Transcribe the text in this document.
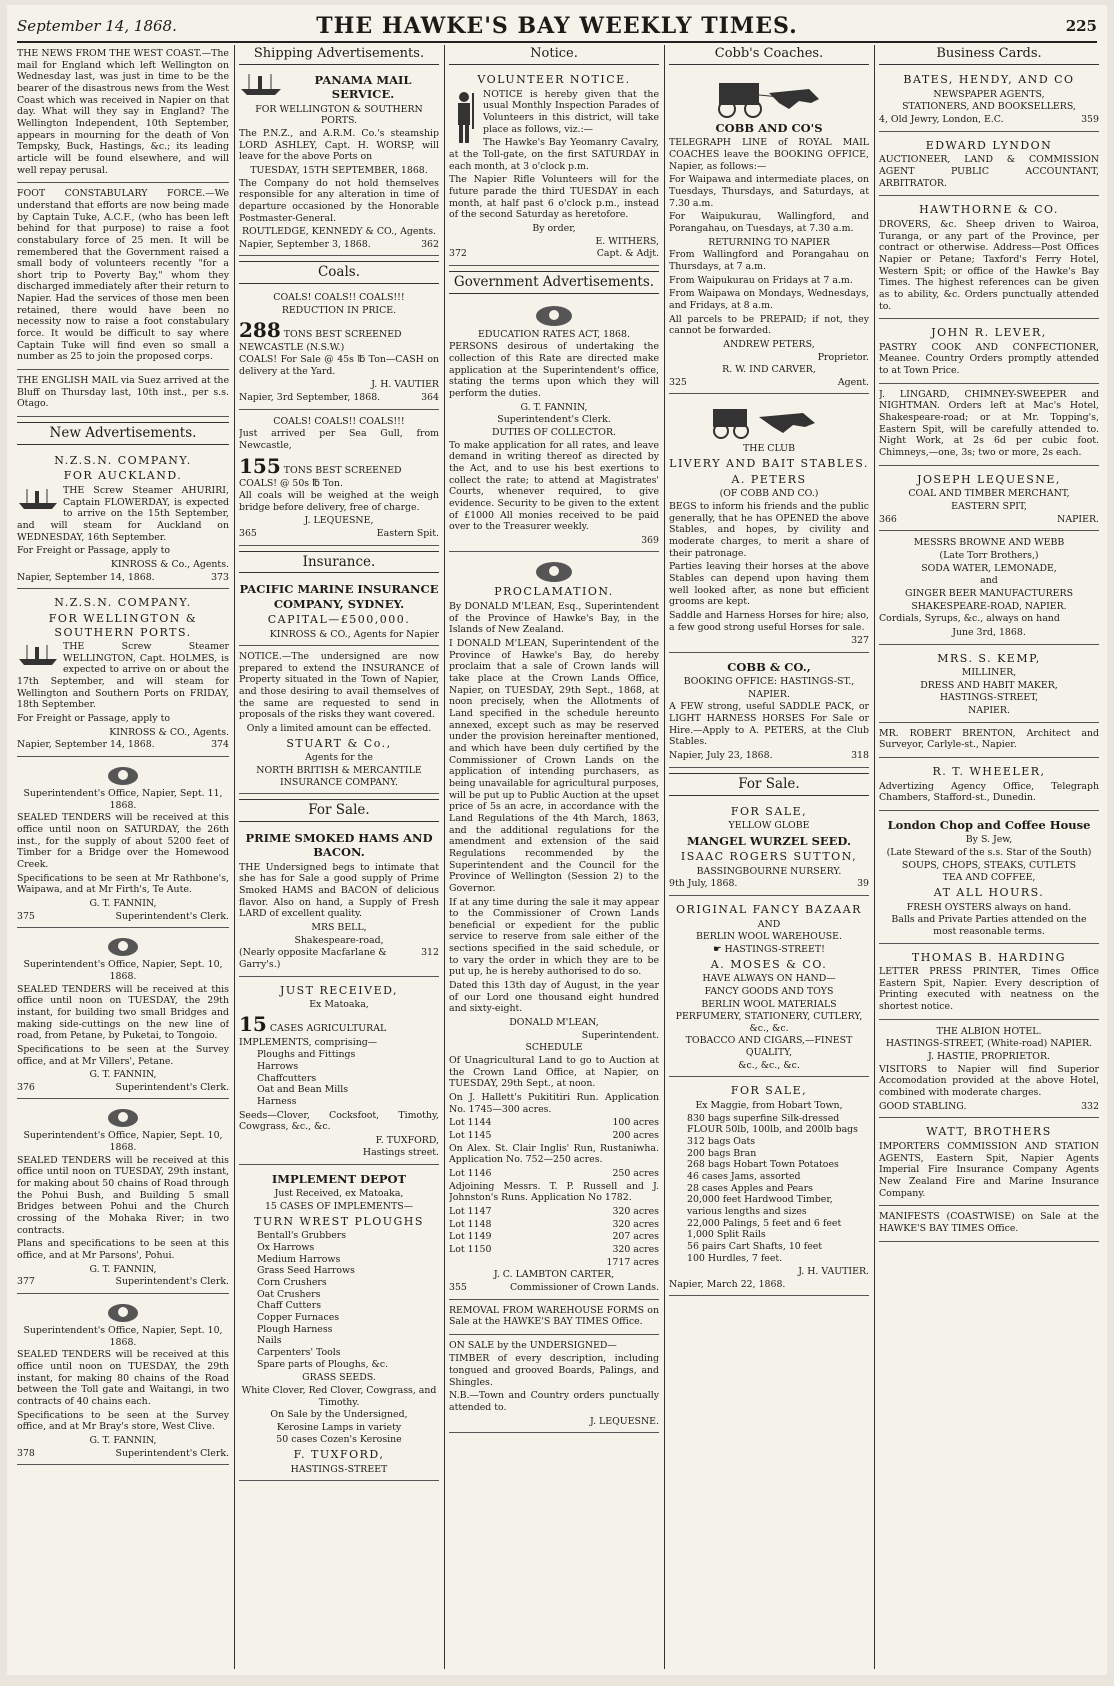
September 14, 1868.	THE HAWKE'S BAY WEEKLY TIMES.	225

THE NEWS FROM THE WEST COAST.—The mail for England which left Wellington on Wednesday last, was just in time to be the bearer of the disastrous news from the West Coast which was received in Napier on that day. What will they say in England? The Wellington Independent, 10th September, appears in mourning for the death of Von Tempsky, Buck, Hastings, &c.; its leading article will be found elsewhere, and will well repay perusal.

FOOT CONSTABULARY FORCE.—We understand that efforts are now being made by Captain Tuke, A.C.F., (who has been left behind for that purpose) to raise a foot constabulary force of 25 men. It will be remembered that the Government raised a small body of volunteers recently "for a short trip to Poverty Bay," whom they discharged immediately after their return to Napier. Had the services of those men been retained, there would have been no necessity now to raise a foot constabulary force. It would be difficult to say where Captain Tuke will find even so small a number as 25 to join the proposed corps.

THE ENGLISH MAIL via Suez arrived at the Bluff on Thursday last, 10th inst., per s.s. Otago.

New Advertisements.
N.Z.S.N. COMPANY.
FOR AUCKLAND.

THE Screw Steamer AHURIRI, Captain FLOWERDAY, is expected to arrive on the 15th September, and will steam for Auckland on WEDNESDAY, 16th September.

For Freight or Passage, apply to

KINROSS & Co., Agents.
Napier, September 14, 1868.	373
N.Z.S.N. COMPANY.
FOR WELLINGTON & SOUTHERN PORTS.

THE Screw Steamer WELLINGTON, Capt. HOLMES, is expected to arrive on or about the 17th September, and will steam for Wellington and Southern Ports on FRIDAY, 18th September.

For Freight or Passage, apply to

KINROSS & CO., Agents.
Napier, September 14, 1868.	374
Superintendent's Office, Napier, Sept. 11, 1868.

SEALED TENDERS will be received at this office until noon on SATURDAY, the 26th inst., for the supply of about 5200 feet of Timber for a Bridge over the Homewood Creek.

Specifications to be seen at Mr Rathbone's, Waipawa, and at Mr Firth's, Te Aute.

G. T. FANNIN,
375	Superintendent's Clerk.
Superintendent's Office, Napier, Sept. 10, 1868.

SEALED TENDERS will be received at this office until noon on TUESDAY, the 29th instant, for building two small Bridges and making side-cuttings on the new line of road, from Petane, by Puketai, to Tongoio.

Specifications to be seen at the Survey office, and at Mr Villers', Petane.

G. T. FANNIN,
376	Superintendent's Clerk.
Superintendent's Office, Napier, Sept. 10, 1868.

SEALED TENDERS will be received at this office until noon on TUESDAY, 29th instant, for making about 50 chains of Road through the Pohui Bush, and Building 5 small Bridges between Pohui and the Church crossing of the Mohaka River; in two contracts.

Plans and specifications to be seen at this office, and at Mr Parsons', Pohui.

G. T. FANNIN,
377	Superintendent's Clerk.
Superintendent's Office, Napier, Sept. 10, 1868.

SEALED TENDERS will be received at this office until noon on TUESDAY, the 29th instant, for making 80 chains of the Road between the Toll gate and Waitangi, in two contracts of 40 chains each.

Specifications to be seen at the Survey office, and at Mr Bray's store, West Clive.

G. T. FANNIN,
378	Superintendent's Clerk.
Shipping Advertisements.
PANAMA MAIL SERVICE.
FOR WELLINGTON & SOUTHERN PORTS.

The P.N.Z., and A.R.M. Co.'s steamship LORD ASHLEY, Capt. H. WORSP, will leave for the above Ports on

TUESDAY, 15TH SEPTEMBER, 1868.

The Company do not hold themselves responsible for any alteration in time of departure occasioned by the Honorable Postmaster-General.

ROUTLEDGE, KENNEDY & CO., Agents.
Napier, September 3, 1868.	362
Coals.
COALS! COALS!! COALS!!!
REDUCTION IN PRICE.
288 TONS BEST SCREENED NEWCASTLE (N.S.W.)

COALS! For Sale @ 45s ℔ Ton—CASH on delivery at the Yard.

J. H. VAUTIER
Napier, 3rd September, 1868.	364
COALS! COALS!! COALS!!!

Just arrived per Sea Gull, from Newcastle,

155 TONS BEST SCREENED COALS! @ 50s ℔ Ton.

All coals will be weighed at the weigh bridge before delivery, free of charge.

J. LEQUESNE,
365	Eastern Spit.
Insurance.
PACIFIC MARINE INSURANCE COMPANY, SYDNEY.
CAPITAL—£500,000.
KINROSS & CO., Agents for Napier

NOTICE.—The undersigned are now prepared to extend the INSURANCE of Property situated in the Town of Napier, and those desiring to avail themselves of the same are requested to send in proposals of the risks they want covered.

Only a limited amount can be effected.
STUART & Co.,
Agents for the
NORTH BRITISH & MERCANTILE INSURANCE COMPANY.
For Sale.
PRIME SMOKED HAMS AND BACON.

THE Undersigned begs to intimate that she has for Sale a good supply of Prime Smoked HAMS and BACON of delicious flavor. Also on hand, a Supply of Fresh LARD of excellent quality.

MRS BELL,
Shakespeare-road,
(Nearly opposite Macfarlane & Garry's.)
312
JUST RECEIVED,
Ex Matoaka,
15 CASES AGRICULTURAL IMPLEMENTS, comprising—
Ploughs and Fittings
Harrows
Chaffcutters
Oat and Bean Mills
Harness

Seeds—Clover, Cocksfoot, Timothy, Cowgrass, &c., &c.

F. TUXFORD,
Hastings street.
IMPLEMENT DEPOT
Just Received, ex Matoaka,
15 CASES OF IMPLEMENTS—
TURN WREST PLOUGHS
Bentall's Grubbers
Ox Harrows
Medium Harrows
Grass Seed Harrows
Corn Crushers
Oat Crushers
Chaff Cutters
Copper Furnaces
Plough Harness
Nails
Carpenters' Tools
Spare parts of Ploughs, &c.
GRASS SEEDS.
White Clover, Red Clover, Cowgrass, and Timothy.
On Sale by the Undersigned,
Kerosine Lamps in variety
50 cases Cozen's Kerosine
F. TUXFORD,
HASTINGS-STREET
Notice.
VOLUNTEER NOTICE.

NOTICE is hereby given that the usual Monthly Inspection Parades of Volunteers in this district, will take place as follows, viz.:—

The Hawke's Bay Yeomanry Cavalry, at the Toll-gate, on the first SATURDAY in each month, at 3 o'clock p.m.

The Napier Rifle Volunteers will for the future parade the third TUESDAY in each month, at half past 6 o'clock p.m., instead of the second Saturday as heretofore.

By order,
E. WITHERS,
372	Capt. & Adjt.
Government Advertisements.
EDUCATION RATES ACT, 1868.

PERSONS desirous of undertaking the collection of this Rate are directed make application at the Superintendent's office, stating the terms upon which they will perform the duties.

G. T. FANNIN,
Superintendent's Clerk.
DUTIES OF COLLECTOR.

To make application for all rates, and leave demand in writing thereof as directed by the Act, and to use his best exertions to collect the rate; to attend at Magistrates' Courts, whenever required, to give evidence. Security to be given to the extent of £1000 All monies received to be paid over to the Treasurer weekly.

369
PROCLAMATION.

By DONALD M'LEAN, Esq., Superintendent of the Province of Hawke's Bay, in the Islands of New Zealand.

I DONALD M'LEAN, Superintendent of the Province of Hawke's Bay, do hereby proclaim that a sale of Crown lands will take place at the Crown Lands Office, Napier, on TUESDAY, 29th Sept., 1868, at noon precisely, when the Allotments of Land specified in the schedule hereunto annexed, except such as may be reserved under the provision hereinafter mentioned, and which have been duly certified by the Commissioner of Crown Lands on the application of intending purchasers, as being unavailable for agricultural purposes, will be put up to Public Auction at the upset price of 5s an acre, in accordance with the Land Regulations of the 4th March, 1863, and the additional regulations for the amendment and extension of the said Regulations recommended by the Superintendent and the Council for the Province of Wellington (Session 2) to the Governor.

If at any time during the sale it may appear to the Commissioner of Crown Lands beneficial or expedient for the public service to reserve from sale either of the sections specified in the said schedule, or to vary the order in which they are to be put up, he is hereby authorised to do so.

Dated this 13th day of August, in the year of our Lord one thousand eight hundred and sixty-eight.

DONALD M'LEAN,
Superintendent.
SCHEDULE

Of Unagricultural Land to go to Auction at the Crown Land Office, at Napier, on TUESDAY, 29th Sept., at noon.

On J. Hallett's Pukititiri Run. Application No. 1745—300 acres.

Lot 1144	100 acres
Lot 1145	200 acres

On Alex. St. Clair Inglis' Run, Rustaniwha. Application No. 752—250 acres.

Lot 1146	250 acres

Adjoining Messrs. T. P. Russell and J. Johnston's Runs. Application No 1782.

Lot 1147	320 acres
Lot 1148	320 acres
Lot 1149	207 acres
Lot 1150	320 acres
1717 acres
J. C. LAMBTON CARTER,
355	Commissioner of Crown Lands.

REMOVAL FROM WAREHOUSE FORMS on Sale at the HAWKE'S BAY TIMES Office.

ON SALE by the UNDERSIGNED—

TIMBER of every description, including tongued and grooved Boards, Palings, and Shingles.

N.B.—Town and Country orders punctually attended to.

J. LEQUESNE.
Cobb's Coaches.
COBB AND CO'S

TELEGRAPH LINE of ROYAL MAIL COACHES leave the BOOKING OFFICE, Napier, as follows:—

For Waipawa and intermediate places, on Tuesdays, Thursdays, and Saturdays, at 7.30 a.m.

For Waipukurau, Wallingford, and Porangahau, on Tuesdays, at 7.30 a.m.

RETURNING TO NAPIER

From Wallingford and Porangahau on Thursdays, at 7 a.m.

From Waipukurau on Fridays at 7 a.m.

From Waipawa on Mondays, Wednesdays, and Fridays, at 8 a.m.

All parcels to be PREPAID; if not, they cannot be forwarded.

ANDREW PETERS,
Proprietor.
R. W. IND CARVER,
325	Agent.
THE CLUB
LIVERY AND BAIT STABLES.
A. PETERS
(OF COBB AND CO.)

BEGS to inform his friends and the public generally, that he has OPENED the above Stables, and hopes, by civility and moderate charges, to merit a share of their patronage.

Parties leaving their horses at the above Stables can depend upon having them well looked after, as none but efficient grooms are kept.

Saddle and Harness Horses for hire; also, a few good strong useful Horses for sale.

327
COBB & CO.,
BOOKING OFFICE: HASTINGS-ST.,
NAPIER.

A FEW strong, useful SADDLE PACK, or LIGHT HARNESS HORSES For Sale or Hire.—Apply to A. PETERS, at the Club Stables.

Napier, July 23, 1868.	318
For Sale.
FOR SALE,
YELLOW GLOBE
MANGEL WURZEL SEED.
ISAAC ROGERS SUTTON,
BASSINGBOURNE NURSERY.
9th July, 1868.	39
ORIGINAL FANCY BAZAAR
AND
BERLIN WOOL WAREHOUSE.
☛ HASTINGS-STREET!
A. MOSES & CO.
HAVE ALWAYS ON HAND—
FANCY GOODS AND TOYS
BERLIN WOOL MATERIALS
PERFUMERY, STATIONERY, CUTLERY, &c., &c.
TOBACCO AND CIGARS,—FINEST QUALITY,
&c., &c., &c.
FOR SALE,
Ex Maggie, from Hobart Town,
830 bags superfine Silk-dressed FLOUR 50lb, 100lb, and 200lb bags
312 bags Oats
200 bags Bran
268 bags Hobart Town Potatoes
46 cases Jams, assorted
28 cases Apples and Pears
20,000 feet Hardwood Timber, various lengths and sizes
22,000 Palings, 5 feet and 6 feet
1,000 Split Rails
56 pairs Cart Shafts, 10 feet
100 Hurdles, 7 feet.
J. H. VAUTIER.
Napier, March 22, 1868.
Business Cards.
BATES, HENDY, AND CO
NEWSPAPER AGENTS,
STATIONERS, AND BOOKSELLERS,
4, Old Jewry, London, E.C.	359
EDWARD LYNDON

AUCTIONEER, LAND & COMMISSION AGENT PUBLIC ACCOUNTANT, ARBITRATOR.

HAWTHORNE & CO.

DROVERS, &c. Sheep driven to Wairoa, Turanga, or any part of the Province, per contract or otherwise. Address—Post Offices Napier or Petane; Taxford's Ferry Hotel, Western Spit; or office of the Hawke's Bay Times. The highest references can be given as to ability, &c. Orders punctually attended to.

JOHN R. LEVER,

PASTRY COOK AND CONFECTIONER, Meanee. Country Orders promptly attended to at Town Price.

J. LINGARD, CHIMNEY-SWEEPER and NIGHTMAN. Orders left at Mac's Hotel, Shakespeare-road; or at Mr. Topping's, Eastern Spit, will be carefully attended to. Night Work, at 2s 6d per cubic foot. Chimneys,—one, 3s; two or more, 2s each.

JOSEPH LEQUESNE,
COAL AND TIMBER MERCHANT,
EASTERN SPIT,
366	NAPIER.
MESSRS BROWNE AND WEBB
(Late Torr Brothers,)
SODA WATER, LEMONADE,
and
GINGER BEER MANUFACTURERS
SHAKESPEARE-ROAD, NAPIER.

Cordials, Syrups, &c., always on hand

June 3rd, 1868.
MRS. S. KEMP,
MILLINER,
DRESS AND HABIT MAKER,
HASTINGS-STREET,
NAPIER.

MR. ROBERT BRENTON, Architect and Surveyor, Carlyle-st., Napier.

R. T. WHEELER,

Advertizing Agency Office, Telegraph Chambers, Stafford-st., Dunedin.

London Chop and Coffee House
By S. Jew,
(Late Steward of the s.s. Star of the South)
SOUPS, CHOPS, STEAKS, CUTLETS
TEA AND COFFEE,
AT ALL HOURS.
FRESH OYSTERS always on hand.
Balls and Private Parties attended on the most reasonable terms.
THOMAS B. HARDING

LETTER PRESS PRINTER, Times Office Eastern Spit, Napier. Every description of Printing executed with neatness on the shortest notice.

THE ALBION HOTEL.
HASTINGS-STREET, (White-road) NAPIER.
J. HASTIE, PROPRIETOR.

VISITORS to Napier will find Superior Accomodation provided at the above Hotel, combined with moderate charges.

GOOD STABLING.	332
WATT, BROTHERS

IMPORTERS COMMISSION AND STATION AGENTS, Eastern Spit, Napier Agents Imperial Fire Insurance Company Agents New Zealand Fire and Marine Insurance Company.

MANIFESTS (COASTWISE) on Sale at the HAWKE'S BAY TIMES Office.
